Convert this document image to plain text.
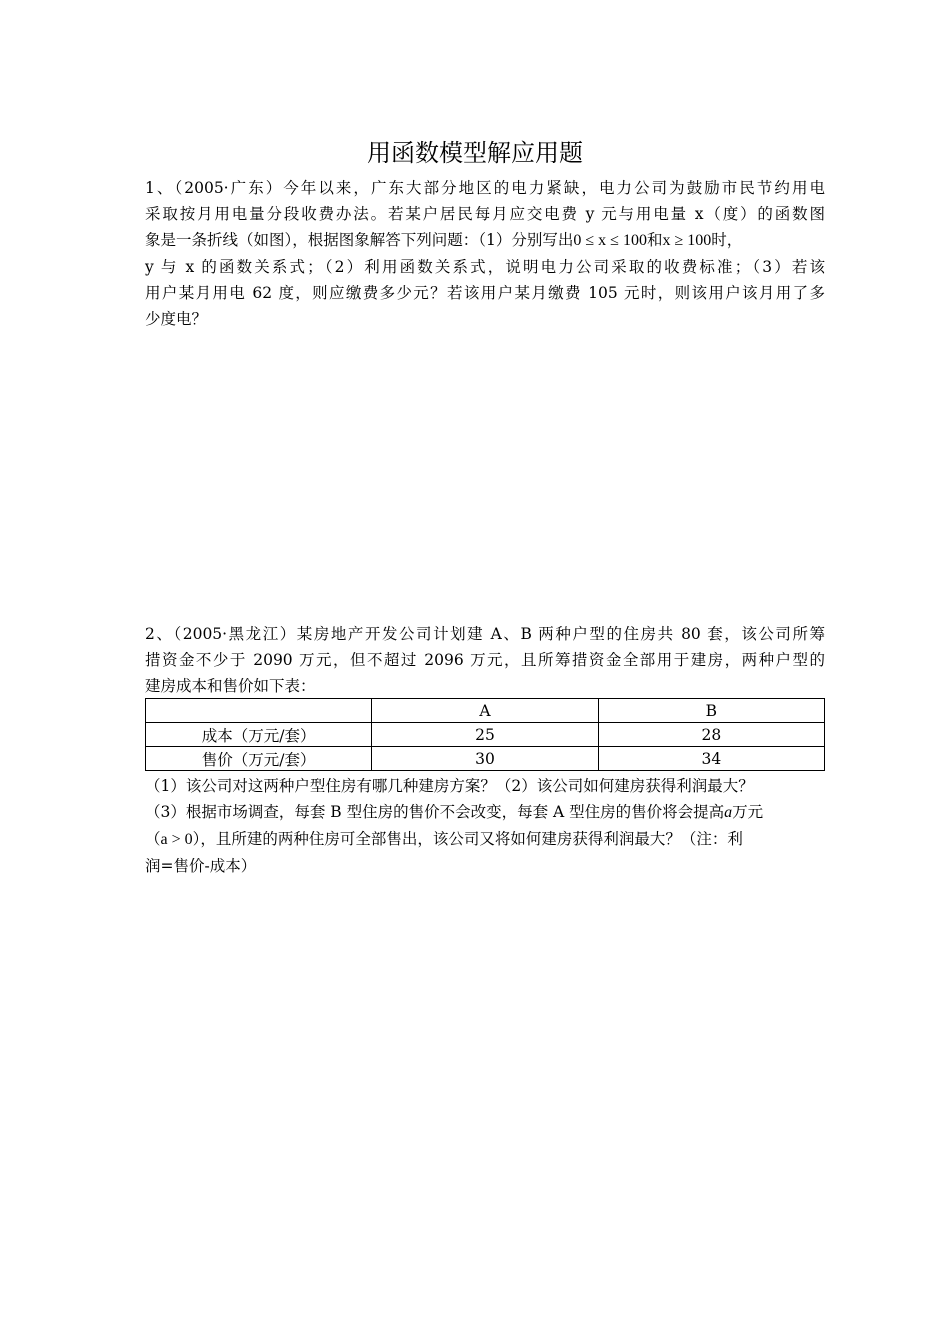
用函数模型解应用题
1、（2005·广东）今年以来，广东大部分地区的电力紧缺，电力公司为鼓励市民节约用电
采取按月用电量分段收费办法。若某户居民每月应交电费 y 元与用电量 x（度）的函数图
象是一条折线（如图），根据图象解答下列问题：（1）分别写出0 ≤ x ≤ 100和x ≥ 100时，
y 与 x 的函数关系式；（2）利用函数关系式，说明电力公司采取的收费标准；（3）若该
用户某月用电 62 度，则应缴费多少元？若该用户某月缴费 105 元时，则该用户该月用了多
少度电？
2、（2005·黑龙江）某房地产开发公司计划建 A、B 两种户型的住房共 80 套，该公司所筹
措资金不少于 2090 万元，但不超过 2096 万元，且所筹措资金全部用于建房，两种户型的
建房成本和售价如下表：
	A	B
成本（万元/套）	25	28
售价（万元/套）	30	34
（1）该公司对这两种户型住房有哪几种建房方案？（2）该公司如何建房获得利润最大？
（3）根据市场调查，每套 B 型住房的售价不会改变，每套 A 型住房的售价将会提高a万元
（a > 0），且所建的两种住房可全部售出，该公司又将如何建房获得利润最大？（注：利
润=售价-成本）
